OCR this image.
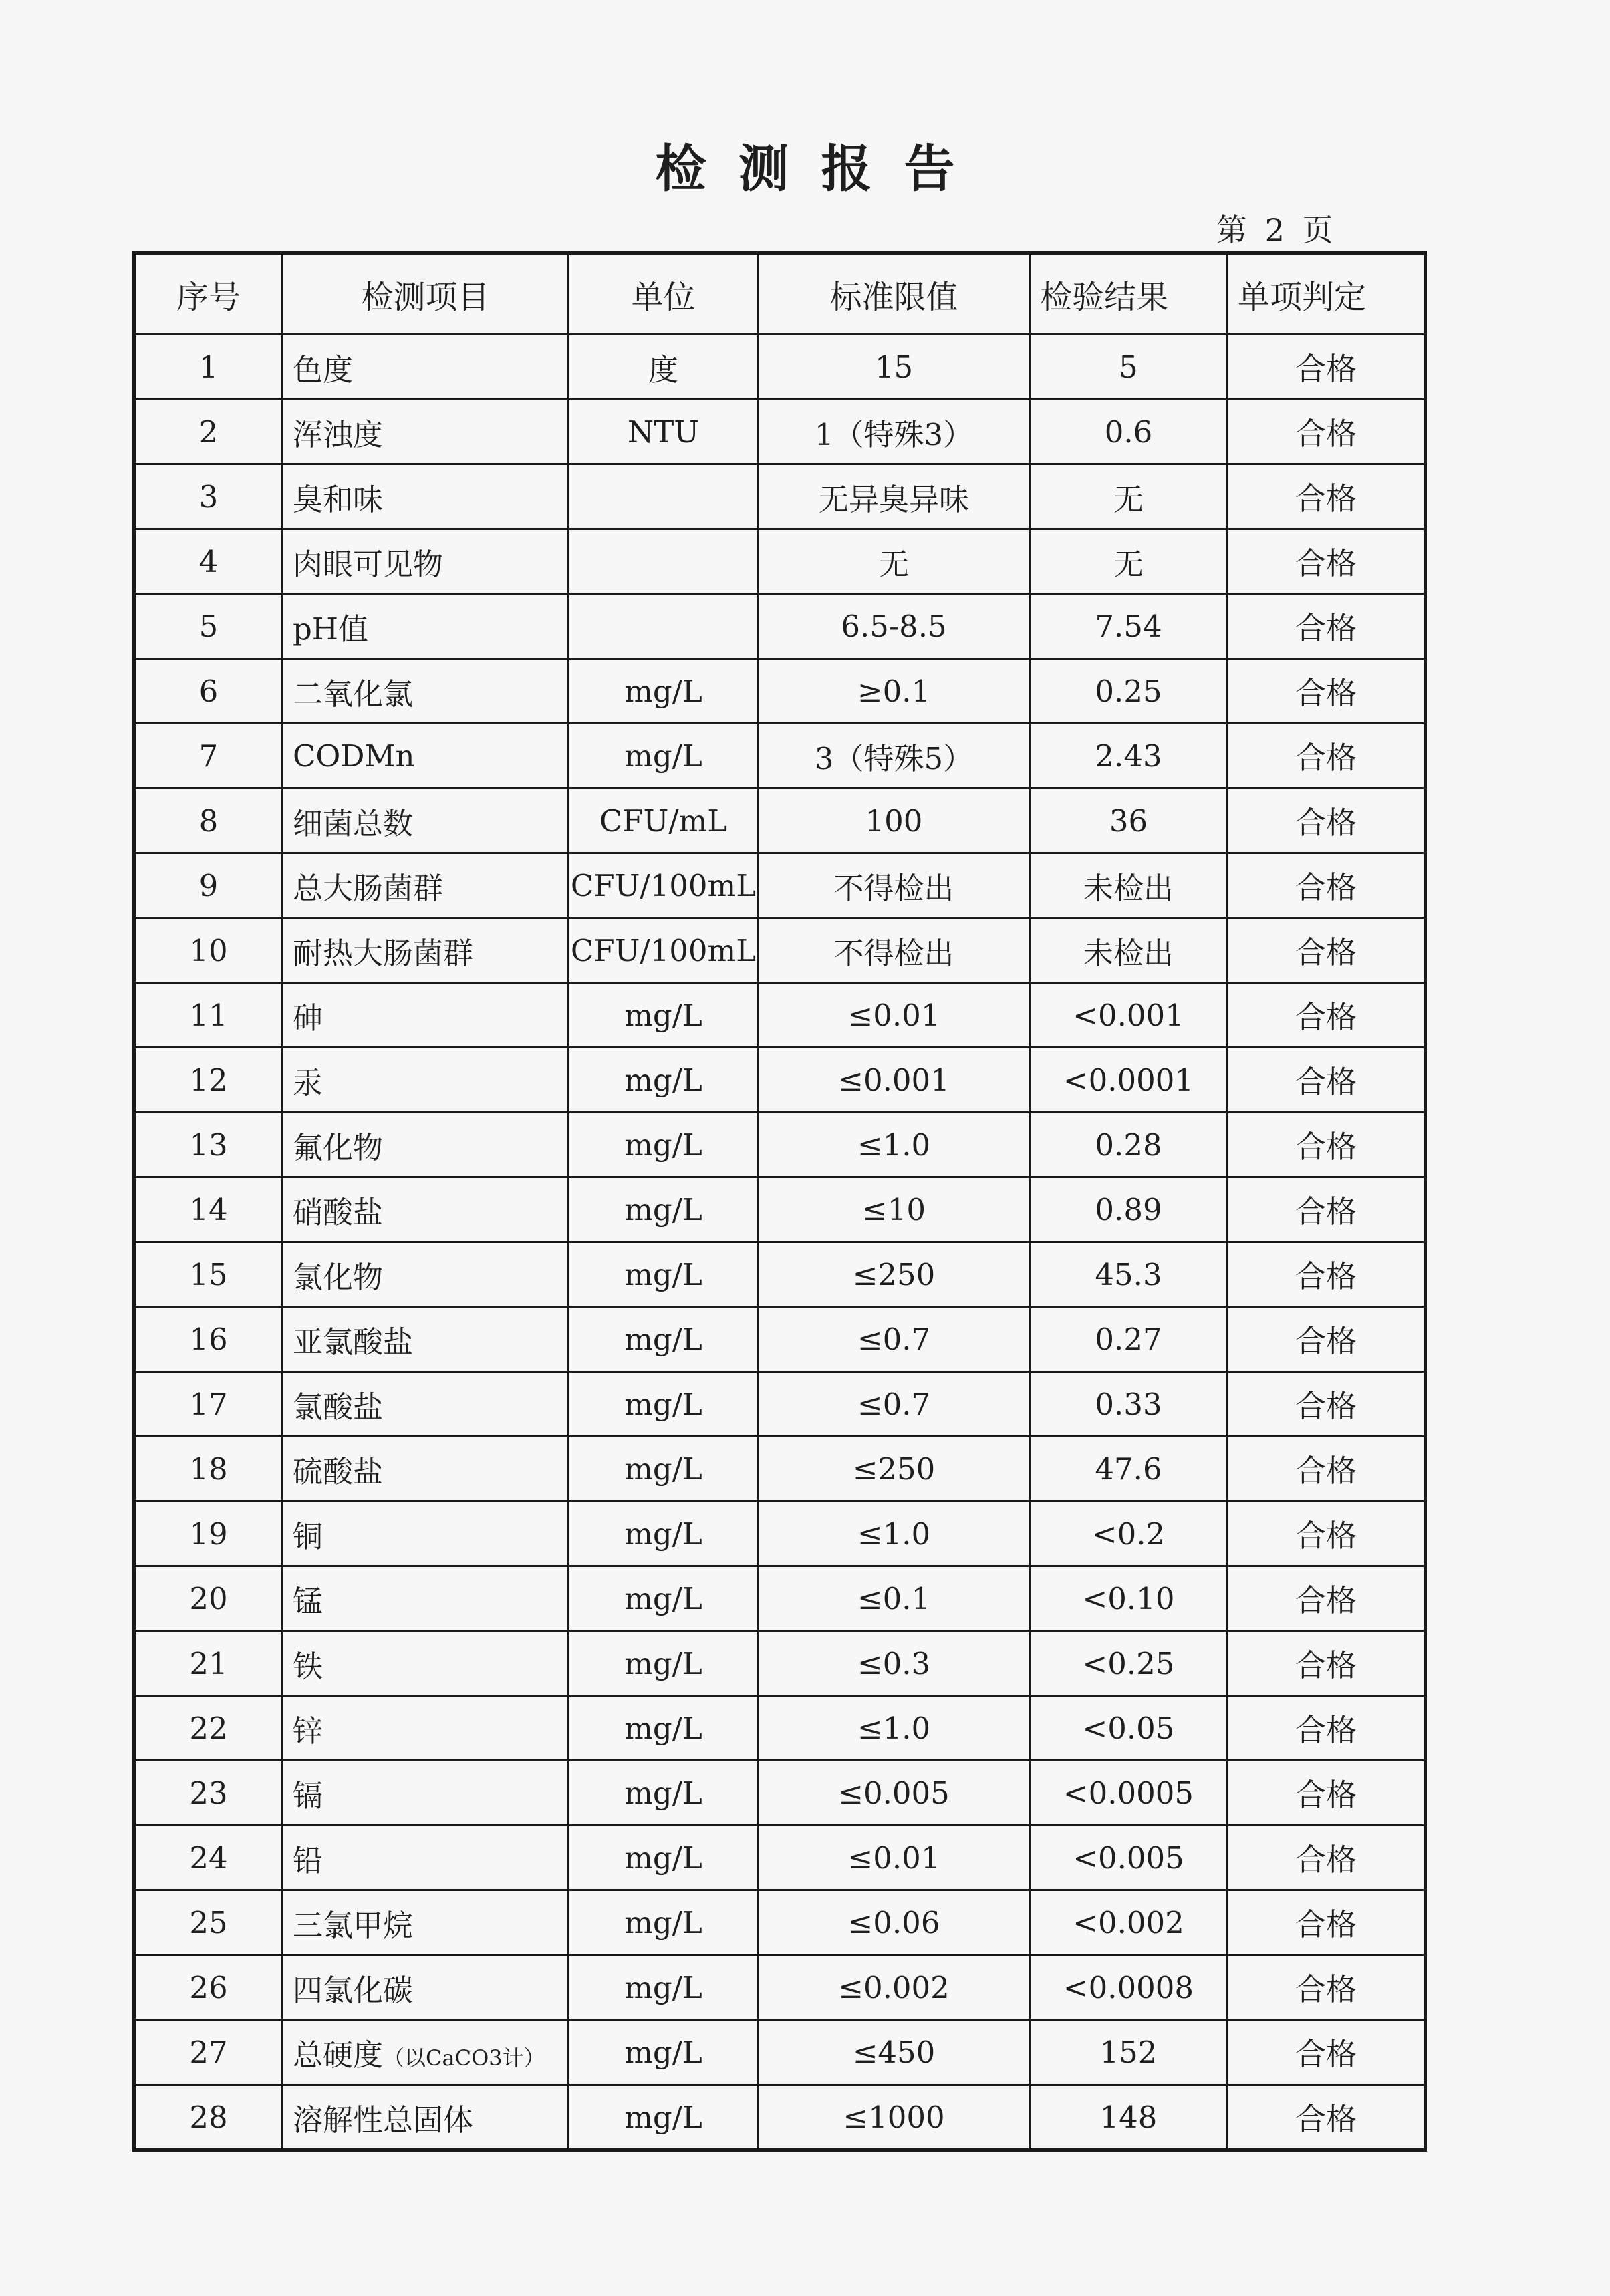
检测报告
第 2 页
序号	检测项目	单位	标准限值	检验结果	单项判定
1	色度	度	15	5	合格
2	浑浊度	NTU	1（特殊3）	0.6	合格
3	臭和味		无异臭异味	无	合格
4	肉眼可见物		无	无	合格
5	pH值		6.5-8.5	7.54	合格
6	二氧化氯	mg/L	≥0.1	0.25	合格
7	CODMn	mg/L	3（特殊5）	2.43	合格
8	细菌总数	CFU/mL	100	36	合格
9	总大肠菌群	CFU/100mL	不得检出	未检出	合格
10	耐热大肠菌群	CFU/100mL	不得检出	未检出	合格
11	砷	mg/L	≤0.01	<0.001	合格
12	汞	mg/L	≤0.001	<0.0001	合格
13	氟化物	mg/L	≤1.0	0.28	合格
14	硝酸盐	mg/L	≤10	0.89	合格
15	氯化物	mg/L	≤250	45.3	合格
16	亚氯酸盐	mg/L	≤0.7	0.27	合格
17	氯酸盐	mg/L	≤0.7	0.33	合格
18	硫酸盐	mg/L	≤250	47.6	合格
19	铜	mg/L	≤1.0	<0.2	合格
20	锰	mg/L	≤0.1	<0.10	合格
21	铁	mg/L	≤0.3	<0.25	合格
22	锌	mg/L	≤1.0	<0.05	合格
23	镉	mg/L	≤0.005	<0.0005	合格
24	铅	mg/L	≤0.01	<0.005	合格
25	三氯甲烷	mg/L	≤0.06	<0.002	合格
26	四氯化碳	mg/L	≤0.002	<0.0008	合格
27	总硬度（以CaCO3计）	mg/L	≤450	152	合格
28	溶解性总固体	mg/L	≤1000	148	合格
